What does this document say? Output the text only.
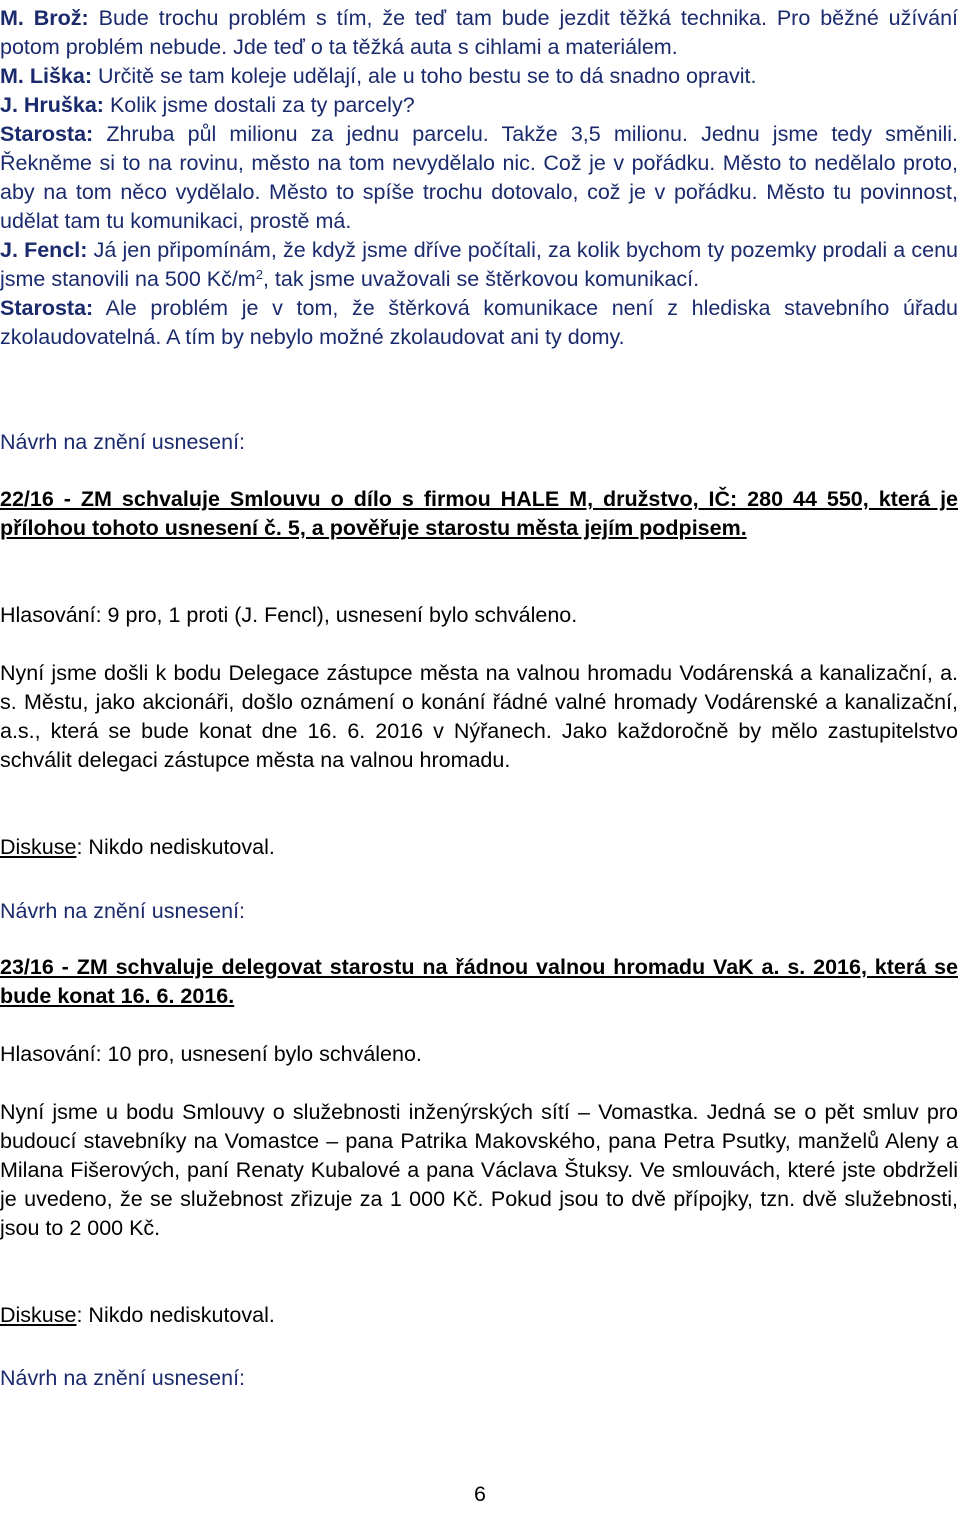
M. Brož: Bude trochu problém s tím, že teď tam bude jezdit těžká technika. Pro běžné užívání potom problém nebude. Jde teď o ta těžká auta s cihlami a materiálem.
M. Liška: Určitě se tam koleje udělají, ale u toho bestu se to dá snadno opravit.
J. Hruška: Kolik jsme dostali za ty parcely?
Starosta: Zhruba půl milionu za jednu parcelu. Takže 3,5 milionu. Jednu jsme tedy směnili. Řekněme si to na rovinu, město na tom nevydělalo nic. Což je v pořádku. Město to nedělalo proto, aby na tom něco vydělalo. Město to spíše trochu dotovalo, což je v pořádku. Město tu povinnost, udělat tam tu komunikaci, prostě má.
J. Fencl: Já jen připomínám, že když jsme dříve počítali, za kolik bychom ty pozemky prodali a cenu jsme stanovili na 500 $Kč/m^2$, tak jsme uvažovali se štěrkovou komunikací.
Starosta: Ale problém je v tom, že štěrková komunikace není z hlediska stavebního úřadu zkolaudovatelná. A tím by nebylo možné zkolaudovat ani ty domy.
Návrh na znění usnesení:
22/16 - ZM schvaluje Smlouvu o dílo s firmou HALE M, družstvo, IČ: 280 44 550, která je přílohou tohoto usnesení č. 5, a pověřuje starostu města jejím podpisem.
Hlasování: 9 pro, 1 proti (J. Fencl), usnesení bylo schváleno.
Nyní jsme došli k bodu Delegace zástupce města na valnou hromadu Vodárenská a kanalizační, a. s. Městu, jako akcionáři, došlo oznámení o konání řádné valné hromady Vodárenské a kanalizační, a.s., která se bude konat dne 16. 6. 2016 v Nýřanech. Jako každoročně by mělo zastupitelstvo schválit delegaci zástupce města na valnou hromadu.
Diskuse: Nikdo nediskutoval.
Návrh na znění usnesení:
23/16 - ZM schvaluje delegovat starostu na řádnou valnou hromadu VaK a. s. 2016, která se bude konat 16. 6. 2016.
Hlasování: 10 pro, usnesení bylo schváleno.
Nyní jsme u bodu Smlouvy o služebnosti inženýrských sítí – Vomastka. Jedná se o pět smluv pro budoucí stavebníky na Vomastce – pana Patrika Makovského, pana Petra Psutky, manželů Aleny a Milana Fišerových, paní Renaty Kubalové a pana Václava Štuksy. Ve smlouvách, které jste obdrželi je uvedeno, že se služebnost zřizuje za 1 000 Kč. Pokud jsou to dvě přípojky, tzn. dvě služebnosti, jsou to 2 000 Kč.
Diskuse: Nikdo nediskutoval.
Návrh na znění usnesení:
6
